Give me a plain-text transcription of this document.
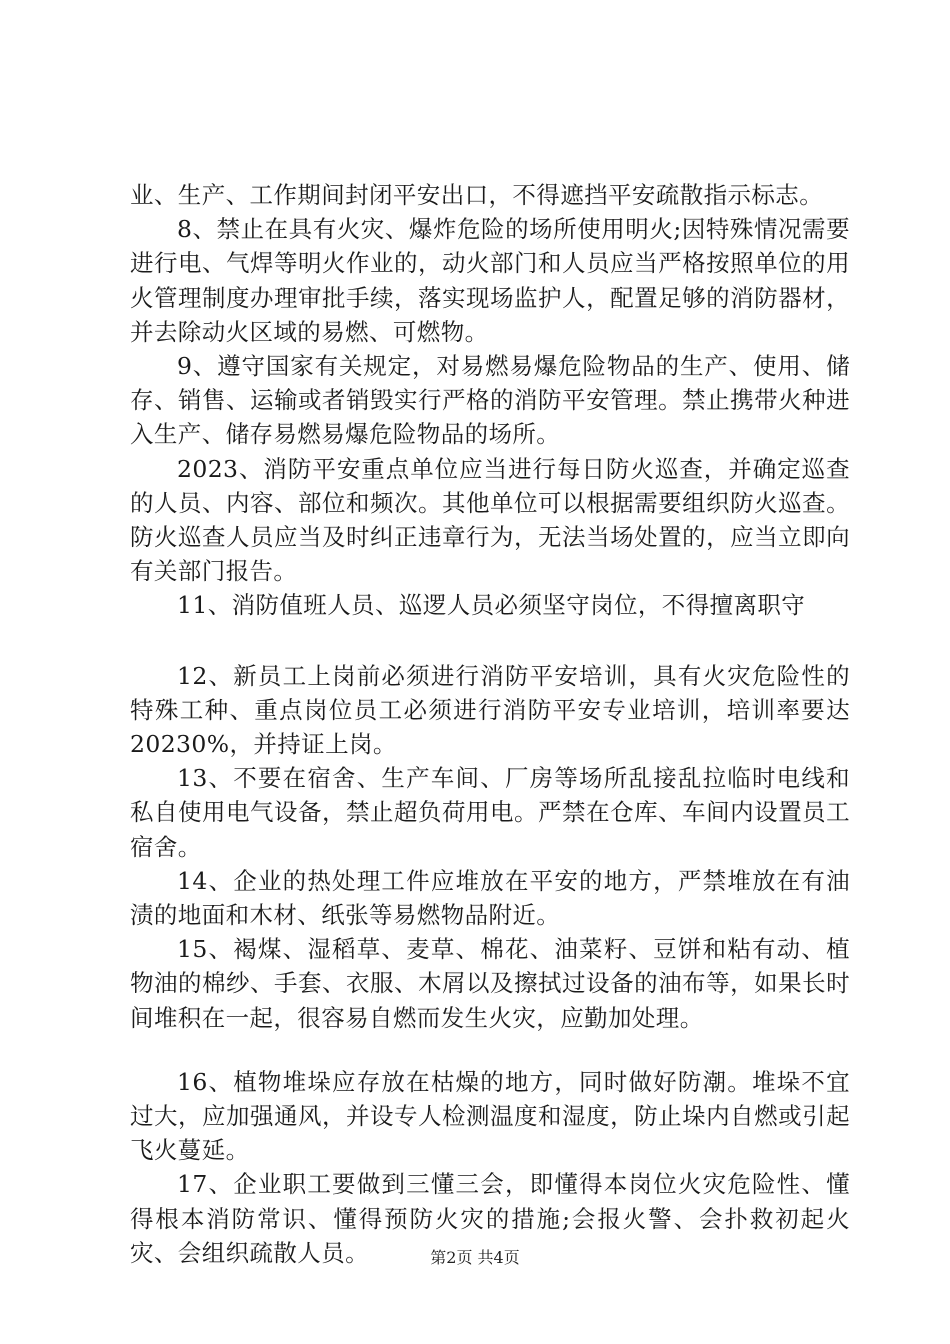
业、生产、工作期间封闭平安出口，不得遮挡平安疏散指示标志。

8、禁止在具有火灾、爆炸危险的场所使用明火;因特殊情况需要进行电、气焊等明火作业的，动火部门和人员应当严格按照单位的用火管理制度办理审批手续，落实现场监护人，配置足够的消防器材，并去除动火区域的易燃、可燃物。

9、遵守国家有关规定，对易燃易爆危险物品的生产、使用、储存、销售、运输或者销毁实行严格的消防平安管理。禁止携带火种进入生产、储存易燃易爆危险物品的场所。

2023、消防平安重点单位应当进行每日防火巡查，并确定巡查的人员、内容、部位和频次。其他单位可以根据需要组织防火巡查。防火巡查人员应当及时纠正违章行为，无法当场处置的，应当立即向有关部门报告。

11、消防值班人员、巡逻人员必须坚守岗位，不得擅离职守

12、新员工上岗前必须进行消防平安培训，具有火灾危险性的特殊工种、重点岗位员工必须进行消防平安专业培训，培训率要达20230%，并持证上岗。

13、不要在宿舍、生产车间、厂房等场所乱接乱拉临时电线和私自使用电气设备，禁止超负荷用电。严禁在仓库、车间内设置员工宿舍。

14、企业的热处理工件应堆放在平安的地方，严禁堆放在有油渍的地面和木材、纸张等易燃物品附近。

15、褐煤、湿稻草、麦草、棉花、油菜籽、豆饼和粘有动、植物油的棉纱、手套、衣服、木屑以及擦拭过设备的油布等，如果长时间堆积在一起，很容易自燃而发生火灾，应勤加处理。

16、植物堆垛应存放在枯燥的地方，同时做好防潮。堆垛不宜过大，应加强通风，并设专人检测温度和湿度，防止垛内自燃或引起飞火蔓延。

17、企业职工要做到三懂三会，即懂得本岗位火灾危险性、懂得根本消防常识、懂得预防火灾的措施;会报火警、会扑救初起火灾、会组织疏散人员。	第2页 共4页
